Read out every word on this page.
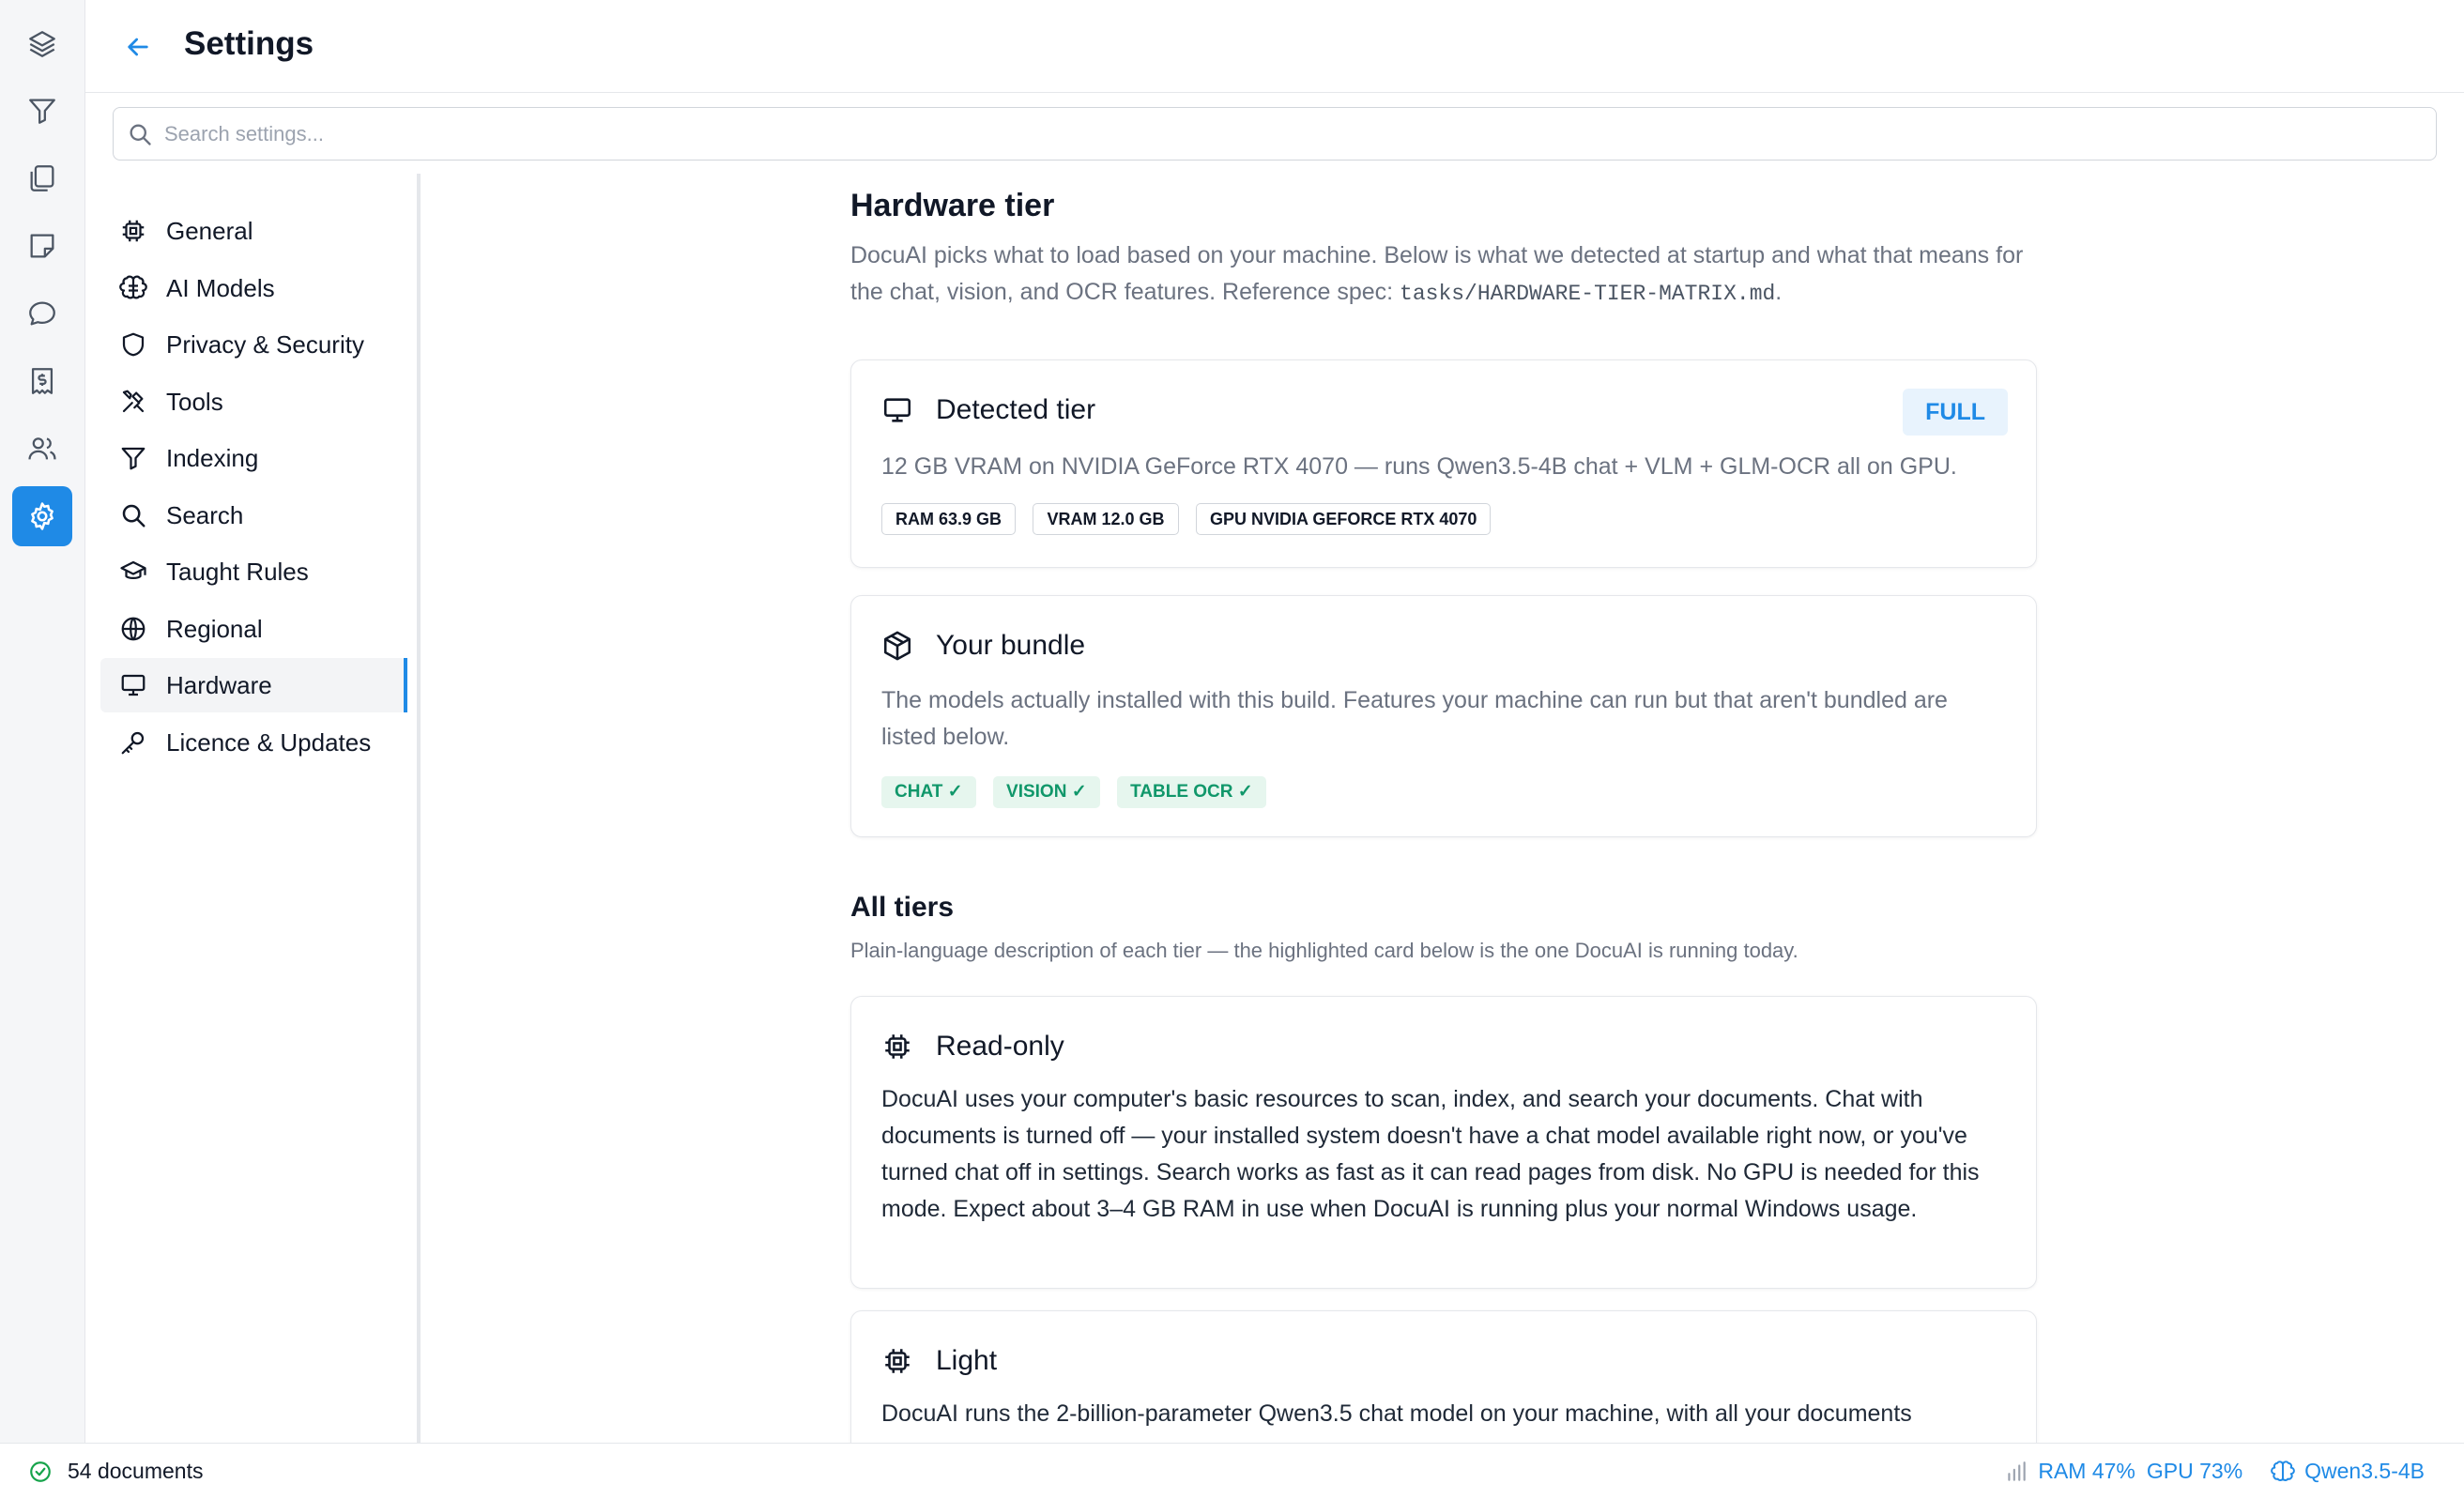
Settings
Search settings...
General
AI Models
Privacy & Security
Tools
Indexing
Search
Taught Rules
Regional
Hardware
Licence & Updates
Hardware tier
DocuAI picks what to load based on your machine. Below is what we detected at startup and what that means for the chat, vision, and OCR features. Reference spec: tasks/HARDWARE-TIER-MATRIX.md.
Detected tier	FULL
12 GB VRAM on NVIDIA GeForce RTX 4070 — runs Qwen3.5-4B chat + VLM + GLM-OCR all on GPU.
RAM 63.9 GB	VRAM 12.0 GB	GPU NVIDIA GEFORCE RTX 4070
Your bundle
The models actually installed with this build. Features your machine can run but that aren't bundled are listed below.
CHAT ✓ VISION ✓ TABLE OCR ✓
All tiers
Plain-language description of each tier — the highlighted card below is the one DocuAI is running today.
Read-only
DocuAI uses your computer's basic resources to scan, index, and search your documents. Chat with documents is turned off — your installed system doesn't have a chat model available right now, or you've turned chat off in settings. Search works as fast as it can read pages from disk. No GPU is needed for this mode. Expect about 3–4 GB RAM in use when DocuAI is running plus your normal Windows usage.
Light
DocuAI runs the 2-billion-parameter Qwen3.5 chat model on your machine, with all your documents
54 documents	RAM 47% GPU 73%	Qwen3.5-4B
